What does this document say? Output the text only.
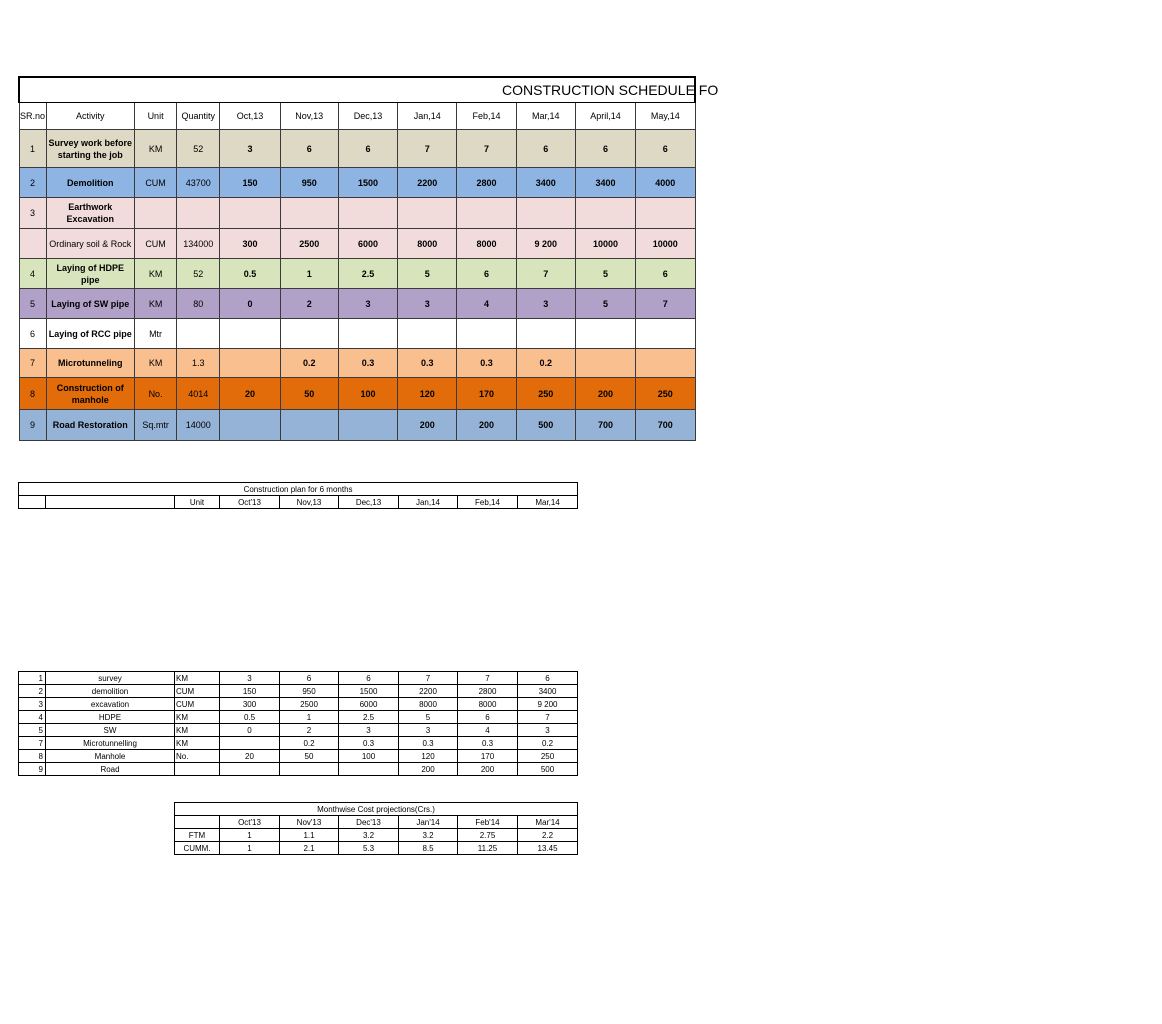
CONSTRUCTION SCHEDULE FO											

SR.no	Activity	Unit	Quantity	Oct,13	Nov,13	Dec,13	Jan,14	Feb,14	Mar,14	April,14	May,14
1	Survey work before starting the job	KM	52	3	6	6	7	7	6	6	6
2	Demolition	CUM	43700	150	950	1500	2200	2800	3400	3400	4000
3	Earthwork Excavation										
	Ordinary soil & Rock	CUM	134000	300	2500	6000	8000	8000	9 200	10000	10000
4	Laying of HDPE pipe	KM	52	0.5	1	2.5	5	6	7	5	6
5	Laying of SW pipe	KM	80	0	2	3	3	4	3	5	7
6	Laying of RCC pipe	Mtr									
7	Microtunneling	KM	1.3		0.2	0.3	0.3	0.3	0.2		
8	Construction of manhole	No.	4014	20	50	100	120	170	250	200	250
9	Road Restoration	Sq.mtr	14000				200	200	500	700	700
Construction plan for 6 months
		Unit	Oct'13	Nov,13	Dec,13	Jan,14	Feb,14	Mar,14
1	survey	KM	3	6	6	7	7	6
2	demolition	CUM	150	950	1500	2200	2800	3400
3	excavation	CUM	300	2500	6000	8000	8000	9 200
4	HDPE	KM	0.5	1	2.5	5	6	7
5	SW	KM	0	2	3	3	4	3
7	Microtunnelling	KM		0.2	0.3	0.3	0.3	0.2
8	Manhole	No.	20	50	100	120	170	250
9	Road					200	200	500
Monthwise Cost projections(Crs.)						
	Oct'13	Nov'13	Dec'13	Jan'14	Feb'14	Mar'14
FTM	1	1.1	3.2	3.2	2.75	2.2
CUMM.	1	2.1	5.3	8.5	11.25	13.45
